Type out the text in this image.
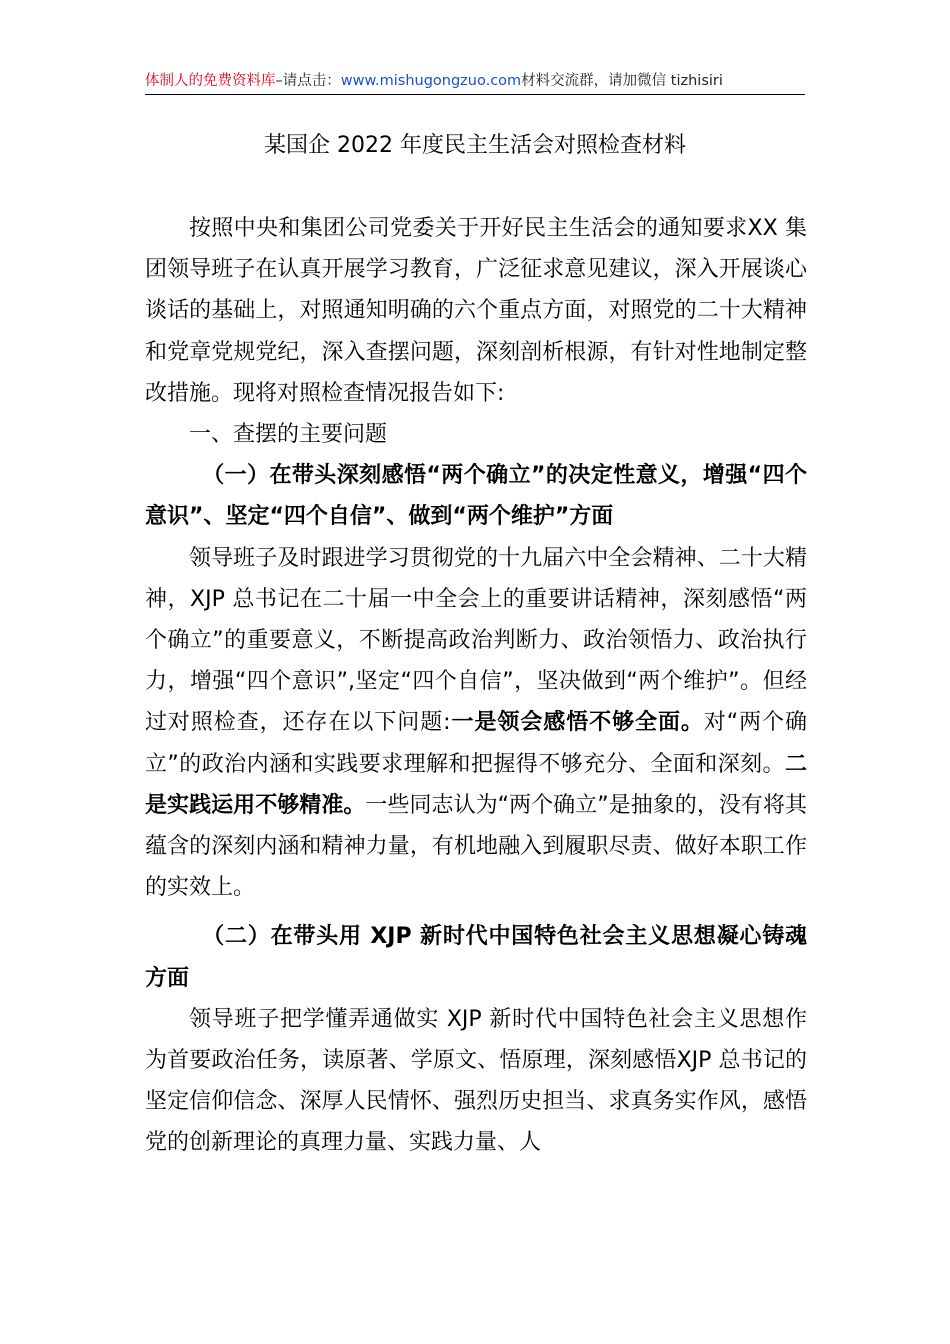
体制人的免费资料库–请点击：www.mishugongzuo.com材料交流群，请加微信 tizhisiri
某国企 2022 年度民主生活会对照检查材料

按照中央和集团公司党委关于开好民主生活会的通知要求XX 集团领导班子在认真开展学习教育，广泛征求意见建议，深入开展谈心谈话的基础上，对照通知明确的六个重点方面，对照党的二十大精神和党章党规党纪，深入查摆问题，深刻剖析根源，有针对性地制定整改措施。现将对照检查情况报告如下:

一、查摆的主要问题

（一）在带头深刻感悟“两个确立”的决定性意义，增强“四个意识”、坚定“四个自信”、做到“两个维护”方面

领导班子及时跟进学习贯彻党的十九届六中全会精神、二十大精神，XJP 总书记在二十届一中全会上的重要讲话精神，深刻感悟“两个确立”的重要意义，不断提高政治判断力、政治领悟力、政治执行力，增强“四个意识”,坚定“四个自信”，坚决做到“两个维护”。但经过对照检查，还存在以下问题:一是领会感悟不够全面。对“两个确立”的政治内涵和实践要求理解和把握得不够充分、全面和深刻。二是实践运用不够精准。一些同志认为“两个确立”是抽象的，没有将其蕴含的深刻内涵和精神力量，有机地融入到履职尽责、做好本职工作的实效上。

（二）在带头用 XJP 新时代中国特色社会主义思想凝心铸魂方面

领导班子把学懂弄通做实 XJP 新时代中国特色社会主义思想作为首要政治任务，读原著、学原文、悟原理，深刻感悟XJP 总书记的坚定信仰信念、深厚人民情怀、强烈历史担当、求真务实作风，感悟党的创新理论的真理力量、实践力量、人
